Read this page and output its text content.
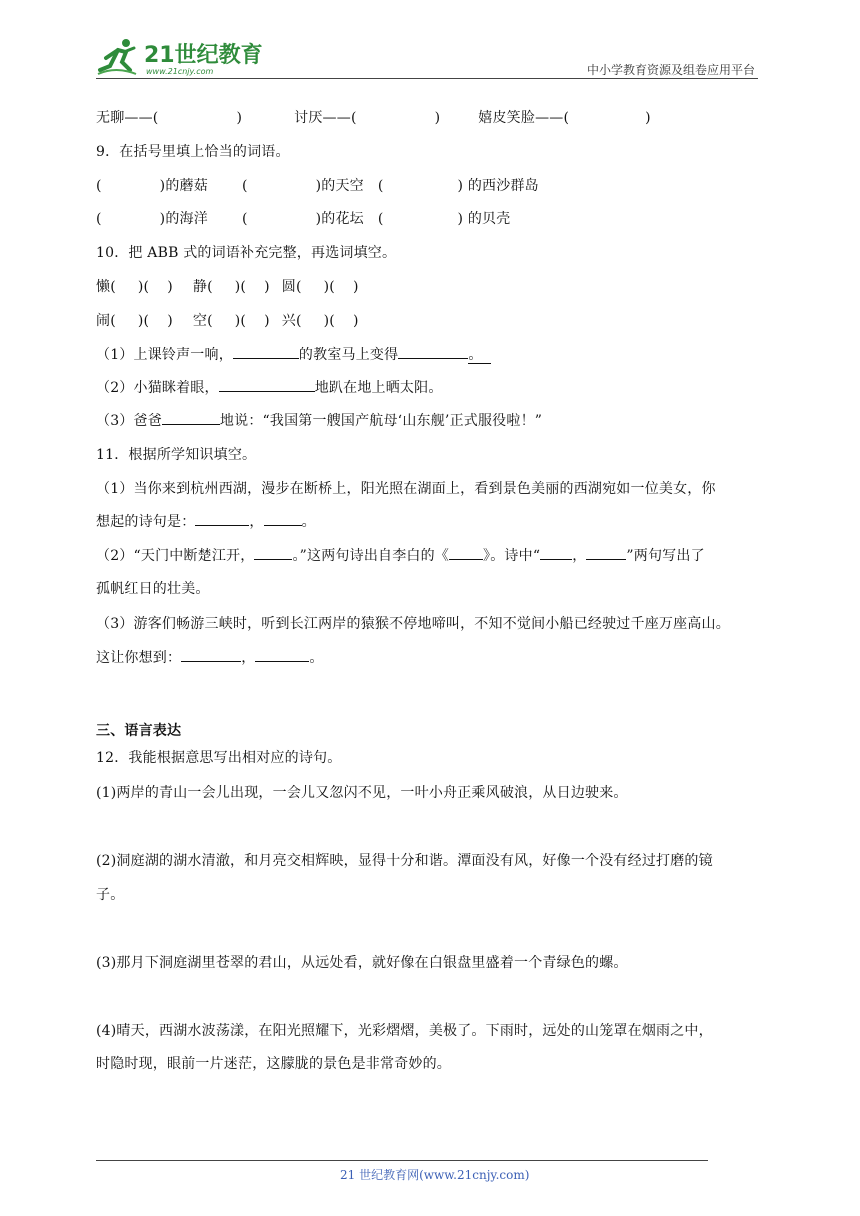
21世纪教育
www.21cnjy.com	中小学教育资源及组卷应用平台
无聊——(	)	讨厌——(	)	嬉皮笑脸——(	)
9．在括号里填上恰当的词语。
(	)的蘑菇 (	)的天空 (	) 的西沙群岛
(	)的海洋 (	)的花坛 (	) 的贝壳
10．把 ABB 式的词语补充完整，再选词填空。
懒( )( ) 静( )( ) 圆( )( )
闹( )( ) 空( )( ) 兴( )( )
（1）上课铃声一响，	的教室马上变得	。
（2）小猫眯着眼，	地趴在地上晒太阳。
（3）爸爸	地说：“我国第一艘国产航母‘山东舰’正式服役啦！”
11．根据所学知识填空。
（1）当你来到杭州西湖，漫步在断桥上，阳光照在湖面上，看到景色美丽的西湖宛如一位美女，你
想起的诗句是：	，	。
（2）“天门中断楚江开，	。”这两句诗出自李白的《 》。诗中“ ，	”两句写出了
孤帆红日的壮美。
（3）游客们畅游三峡时，听到长江两岸的猿猴不停地啼叫，不知不觉间小船已经驶过千座万座高山。
这让你想到：	，	。
三、语言表达
12．我能根据意思写出相对应的诗句。
(1)两岸的青山一会儿出现，一会儿又忽闪不见，一叶小舟正乘风破浪，从日边驶来。
(2)洞庭湖的湖水清澈，和月亮交相辉映，显得十分和谐。潭面没有风，好像一个没有经过打磨的镜
子。
(3)那月下洞庭湖里苍翠的君山，从远处看，就好像在白银盘里盛着一个青绿色的螺。
(4)晴天，西湖水波荡漾，在阳光照耀下，光彩熠熠，美极了。下雨时，远处的山笼罩在烟雨之中，
时隐时现，眼前一片迷茫，这朦胧的景色是非常奇妙的。
21 世纪教育网(www.21cnjy.com)
